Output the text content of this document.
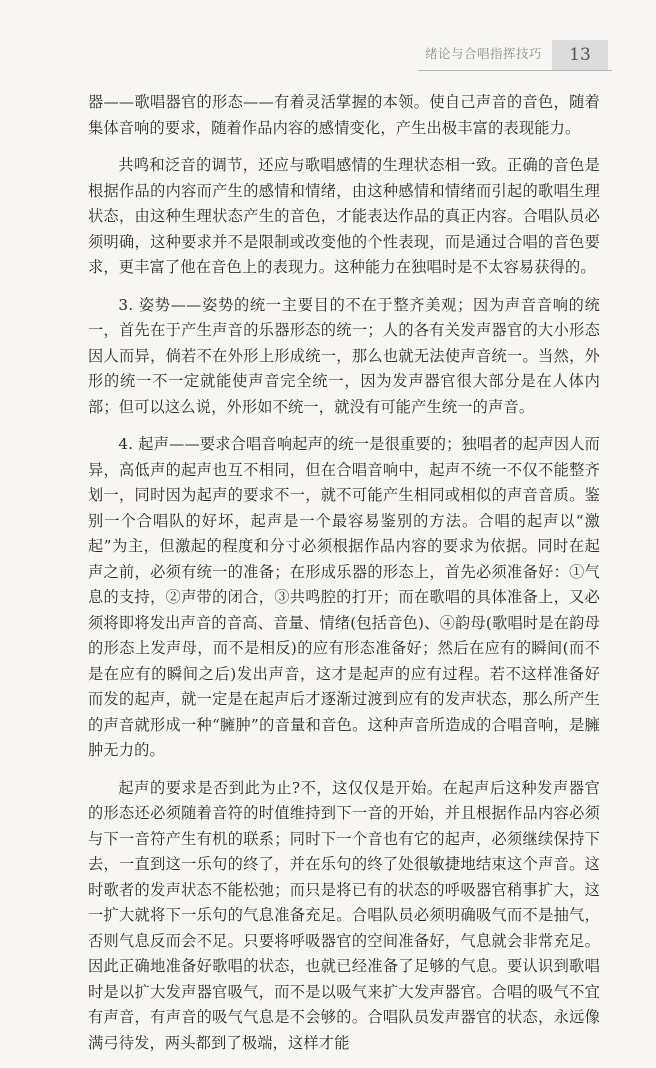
绪论与合唱指挥技巧	13

器——歌唱器官的形态——有着灵活掌握的本领。使自己声音的音色，随着集体音响的要求，随着作品内容的感情变化，产生出极丰富的表现能力。

共鸣和泛音的调节，还应与歌唱感情的生理状态相一致。正确的音色是根据作品的内容而产生的感情和情绪，由这种感情和情绪而引起的歌唱生理状态，由这种生理状态产生的音色，才能表达作品的真正内容。合唱队员必须明确，这种要求并不是限制或改变他的个性表现，而是通过合唱的音色要求，更丰富了他在音色上的表现力。这种能力在独唱时是不太容易获得的。

3. 姿势——姿势的统一主要目的不在于整齐美观；因为声音音响的统一，首先在于产生声音的乐器形态的统一；人的各有关发声器官的大小形态因人而异，倘若不在外形上形成统一，那么也就无法使声音统一。当然，外形的统一不一定就能使声音完全统一，因为发声器官很大部分是在人体内部；但可以这么说，外形如不统一，就没有可能产生统一的声音。

4. 起声——要求合唱音响起声的统一是很重要的；独唱者的起声因人而异，高低声的起声也互不相同，但在合唱音响中，起声不统一不仅不能整齐划一，同时因为起声的要求不一，就不可能产生相同或相似的声音音质。鉴别一个合唱队的好坏，起声是一个最容易鉴别的方法。合唱的起声以“激起”为主，但激起的程度和分寸必须根据作品内容的要求为依据。同时在起声之前，必须有统一的准备；在形成乐器的形态上，首先必须准备好：①气息的支持，②声带的闭合，③共鸣腔的打开；而在歌唱的具体准备上，又必须将即将发出声音的音高、音量、情绪(包括音色)、④韵母(歌唱时是在韵母的形态上发声母，而不是相反)的应有形态准备好；然后在应有的瞬间(而不是在应有的瞬间之后)发出声音，这才是起声的应有过程。若不这样准备好而发的起声，就一定是在起声后才逐渐过渡到应有的发声状态，那么所产生的声音就形成一种“臃肿”的音量和音色。这种声音所造成的合唱音响，是臃肿无力的。

起声的要求是否到此为止?不，这仅仅是开始。在起声后这种发声器官的形态还必须随着音符的时值维持到下一音的开始，并且根据作品内容必须与下一音符产生有机的联系；同时下一个音也有它的起声，必须继续保持下去，一直到这一乐句的终了，并在乐句的终了处很敏捷地结束这个声音。这时歌者的发声状态不能松弛；而只是将已有的状态的呼吸器官稍事扩大，这一扩大就将下一乐句的气息准备充足。合唱队员必须明确吸气而不是抽气，否则气息反而会不足。只要将呼吸器官的空间准备好，气息就会非常充足。因此正确地准备好歌唱的状态，也就已经准备了足够的气息。要认识到歌唱时是以扩大发声器官吸气，而不是以吸气来扩大发声器官。合唱的吸气不宜有声音，有声音的吸气气息是不会够的。合唱队员发声器官的状态，永远像满弓待发，两头都到了极端，这样才能
